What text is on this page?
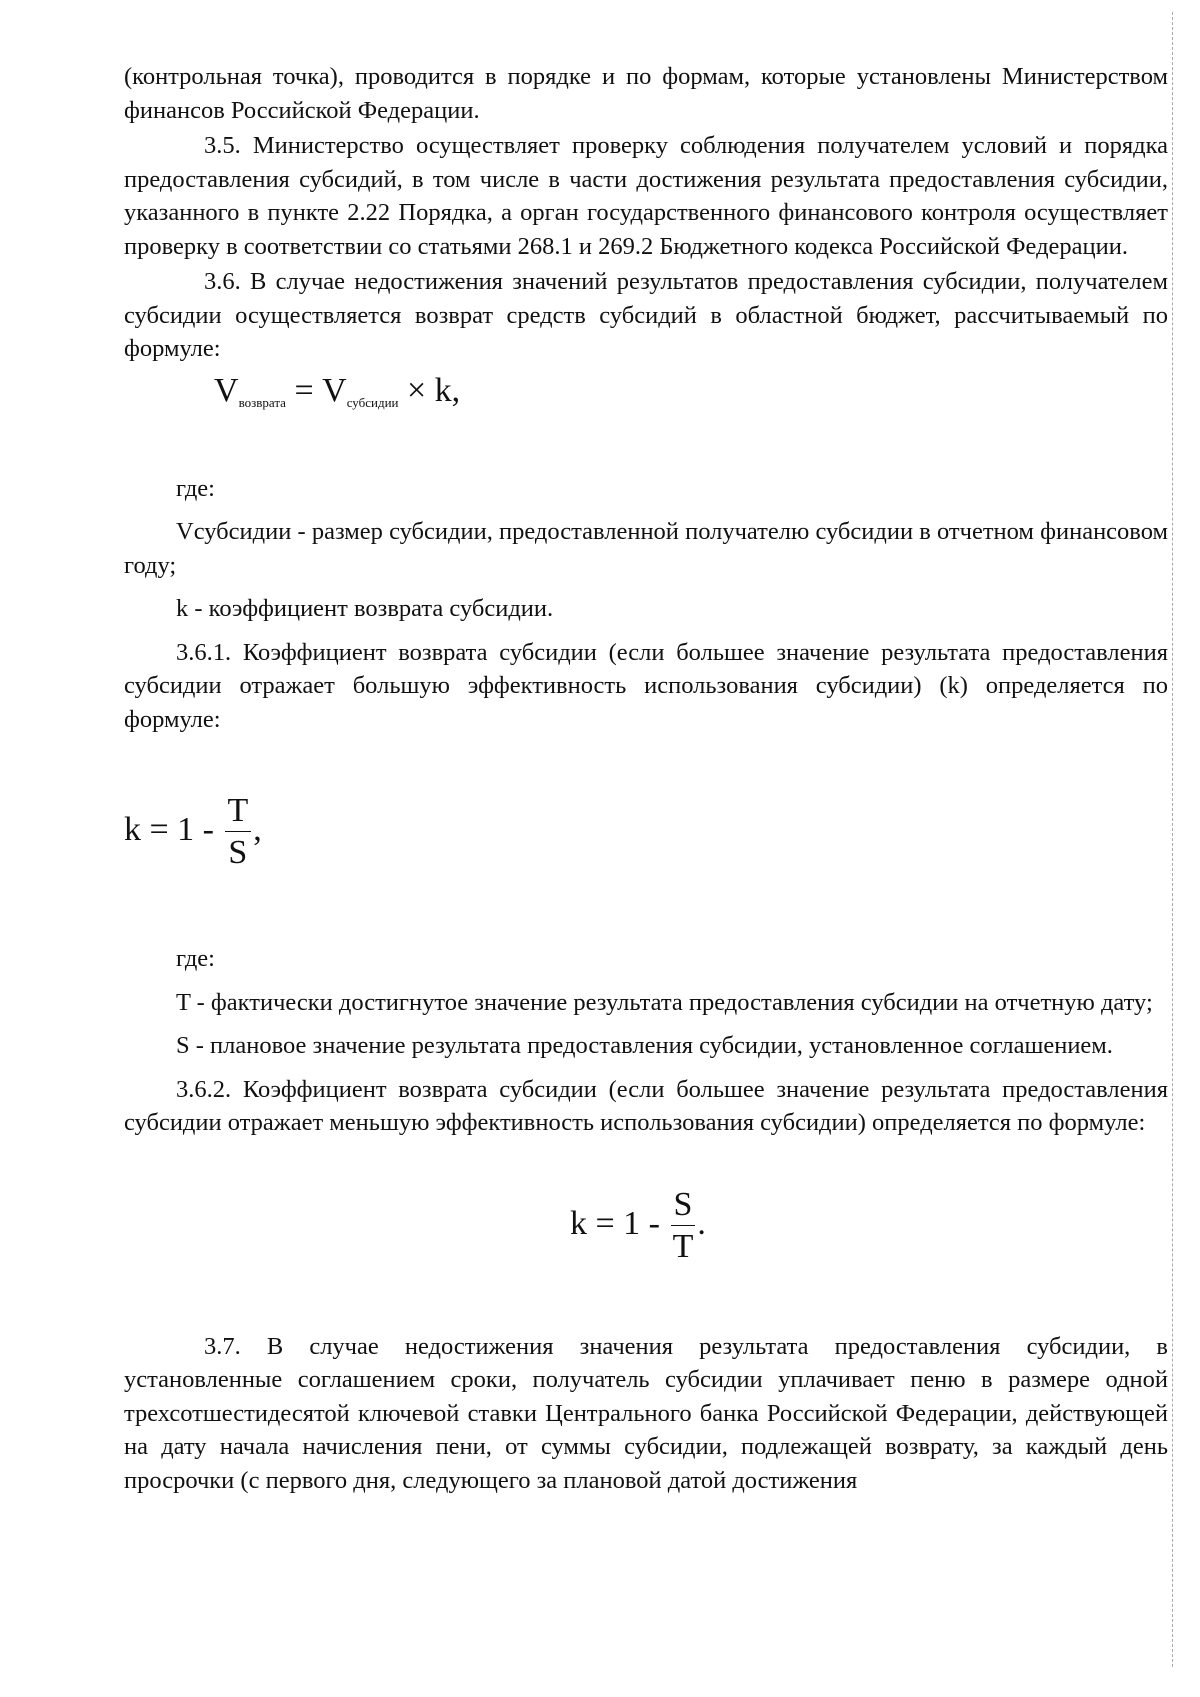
(контрольная точка), проводится в порядке и по формам, которые установлены Министерством финансов Российской Федерации.

3.5. Министерство осуществляет проверку соблюдения получателем условий и порядка предоставления субсидий, в том числе в части достижения результата предоставления субсидии, указанного в пункте 2.22 Порядка, а орган государственного финансового контроля осуществляет проверку в соответствии со статьями 268.1 и 269.2 Бюджетного кодекса Российской Федерации.

3.6. В случае недостижения значений результатов предоставления субсидии, получателем субсидии осуществляется возврат средств субсидий в областной бюджет, рассчитываемый по формуле:

$V_{возврата} = V_{субсидии} \times k$,

где:

Vсубсидии - размер субсидии, предоставленной получателю субсидии в отчетном финансовом году;

k - коэффициент возврата субсидии.

3.6.1. Коэффициент возврата субсидии (если большее значение результата предоставления субсидии отражает большую эффективность использования субсидии) (k) определяется по формуле:

$k = 1 - \frac{T}{S}$ ,

где:

T - фактически достигнутое значение результата предоставления субсидии на отчетную дату;

S - плановое значение результата предоставления субсидии, установленное соглашением.

3.6.2. Коэффициент возврата субсидии (если большее значение результата предоставления субсидии отражает меньшую эффективность использования субсидии) определяется по формуле:

$k = 1 - \frac{S}{T}$ .

3.7. В случае недостижения значения результата предоставления субсидии, в установленные соглашением сроки, получатель субсидии уплачивает пеню в размере одной трехсотшестидесятой ключевой ставки Центрального банка Российской Федерации, действующей на дату начала начисления пени, от суммы субсидии, подлежащей возврату, за каждый день просрочки (с первого дня, следующего за плановой датой достижения
